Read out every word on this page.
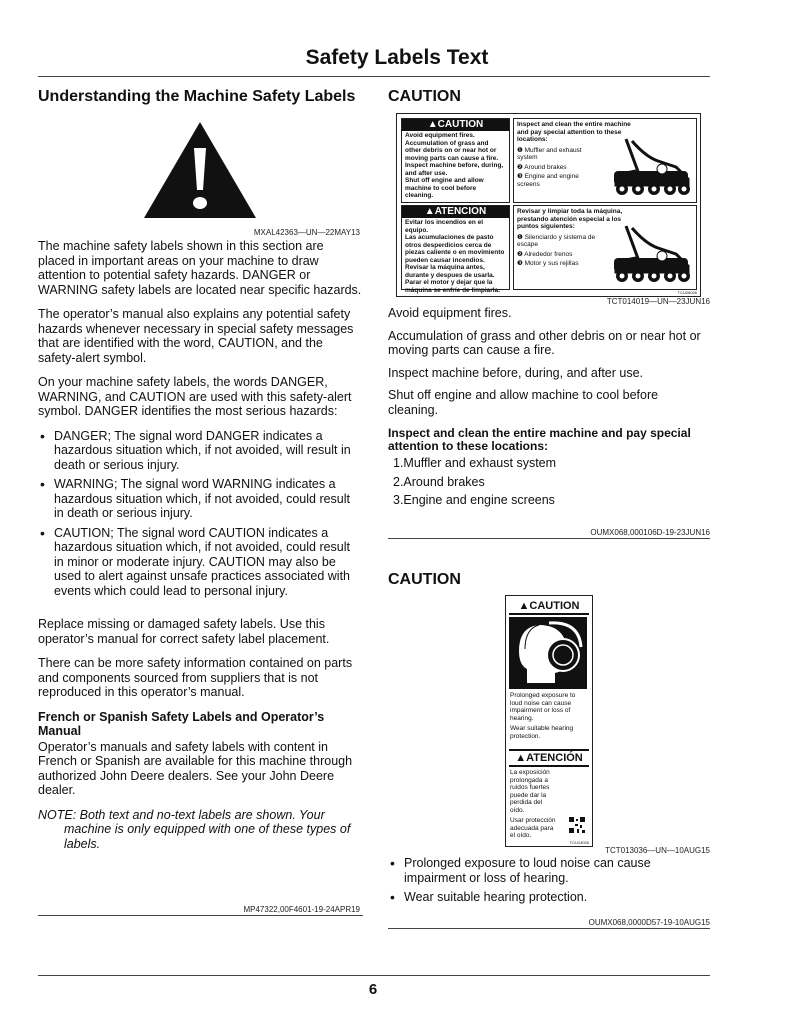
Safety Labels Text
Understanding the Machine Safety Labels
MXAL42363—UN—22MAY13

The machine safety labels shown in this section are placed in important areas on your machine to draw attention to potential safety hazards. DANGER or WARNING safety labels are located near specific hazards.

The operator’s manual also explains any potential safety hazards whenever necessary in special safety messages that are identified with the word, CAUTION, and the safety-alert symbol.

On your machine safety labels, the words DANGER, WARNING, and CAUTION are used with this safety-alert symbol. DANGER identifies the most serious hazards:

• DANGER; The signal word DANGER indicates a hazardous situation which, if not avoided, will result in death or serious injury.
• WARNING; The signal word WARNING indicates a hazardous situation which, if not avoided, could result in death or serious injury.
• CAUTION; The signal word CAUTION indicates a hazardous situation which, if not avoided, could result in minor or moderate injury. CAUTION may also be used to alert against unsafe practices associated with events which could lead to personal injury.

Replace missing or damaged safety labels. Use this operator’s manual for correct safety label placement.

There can be more safety information contained on parts and components sourced from suppliers that is not reproduced in this operator’s manual.

French or Spanish Safety Labels and Operator’s Manual

Operator’s manuals and safety labels with content in French or Spanish are available for this machine through authorized John Deere dealers. See your John Deere dealer.

NOTE: Both text and no-text labels are shown. Your
machine is only equipped with one of these types of labels.
MP47322,00F4601-19-24APR19
CAUTION
▲CAUTION
Avoid equipment fires.
Accumulation of grass and other debris on or near hot or moving parts can cause a fire.
Inspect machine before, during, and after use.
Shut off engine and allow machine to cool before cleaning.
Inspect and clean the entire machine and pay special attention to these locations:
❶ Muffler and exhaust system
❷ Around brakes
❸ Engine and engine screens
▲ATENCION
Evitar los incendios en el equipo.
Las acumulaciones de pasto otros desperdicios cerca de piezas caliente o en movimiento pueden causar incendios.
Revisar la máquina antes, durante y despues de usarla.
Parar el motor y dejar que la máquina se enfríe de limpiarla.
Revisar y limpiar toda la máquina, prestando atención especial a los puntos siguientes:
❶ Silenciardo y sistema de escape
❷ Alrededor frenos
❸ Motor y sus rejillas
TCU26026
TCT014019—UN—23JUN16

Avoid equipment fires.

Accumulation of grass and other debris on or near hot or moving parts can cause a fire.

Inspect machine before, during, and after use.

Shut off engine and allow machine to cool before cleaning.

Inspect and clean the entire machine and pay special attention to these locations:
1.Muffler and exhaust system
2.Around brakes
3.Engine and engine screens
OUMX068,000106D-19-23JUN16
CAUTION
▲CAUTION
Prolonged exposure to loud noise can cause impairment or loss of hearing.
Wear suitable hearing protection.
▲ATENCIÓN
La exposición prolongada a ruidos fuertes puede dar la perdida del oído.
Usar protección adecuada para el oído.
TCU13026
TCT013036—UN—10AUG15
• Prolonged exposure to loud noise can cause impairment or loss of hearing.
• Wear suitable hearing protection.
OUMX068,0000D57-19-10AUG15
6
